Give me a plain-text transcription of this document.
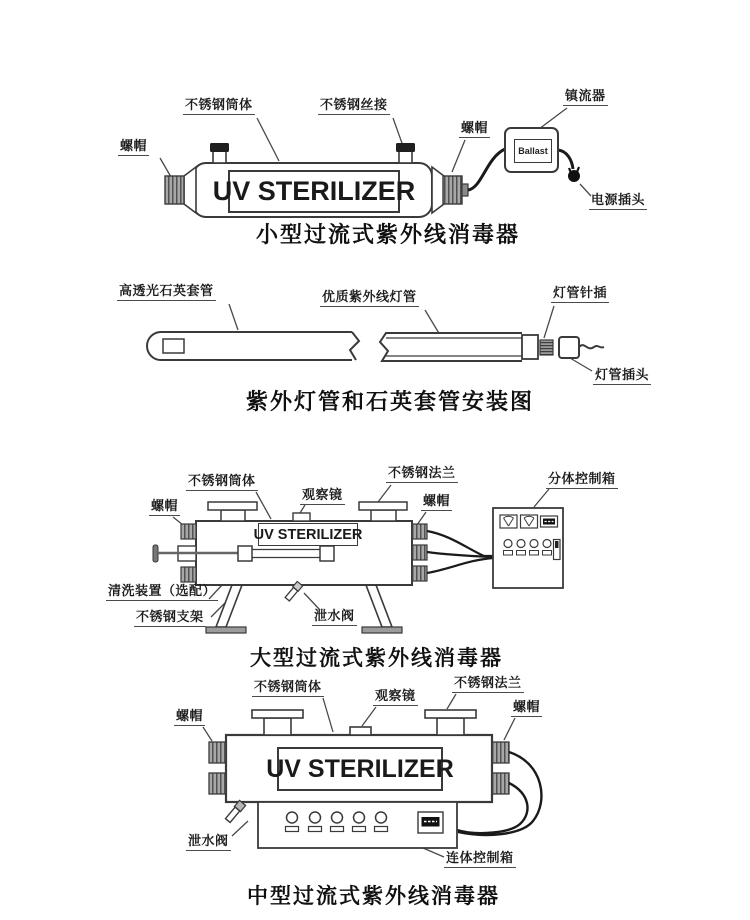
螺帽
不锈钢筒体	不锈钢丝接
镇流器
螺帽
电源插头
UV STERILIZER
Ballast
小型过流式紫外线消毒器
高透光石英套管	优质紫外线灯管	灯管针插
灯管插头
紫外灯管和石英套管安装图
不锈钢筒体
观察镜
不锈钢法兰	分体控制箱
螺帽	螺帽
清洗装置（选配）
不锈钢支架	泄水阀
UV STERILIZER
大型过流式紫外线消毒器
不锈钢筒体
观察镜
不锈钢法兰
螺帽
螺帽
泄水阀
连体控制箱
UV STERILIZER
中型过流式紫外线消毒器
